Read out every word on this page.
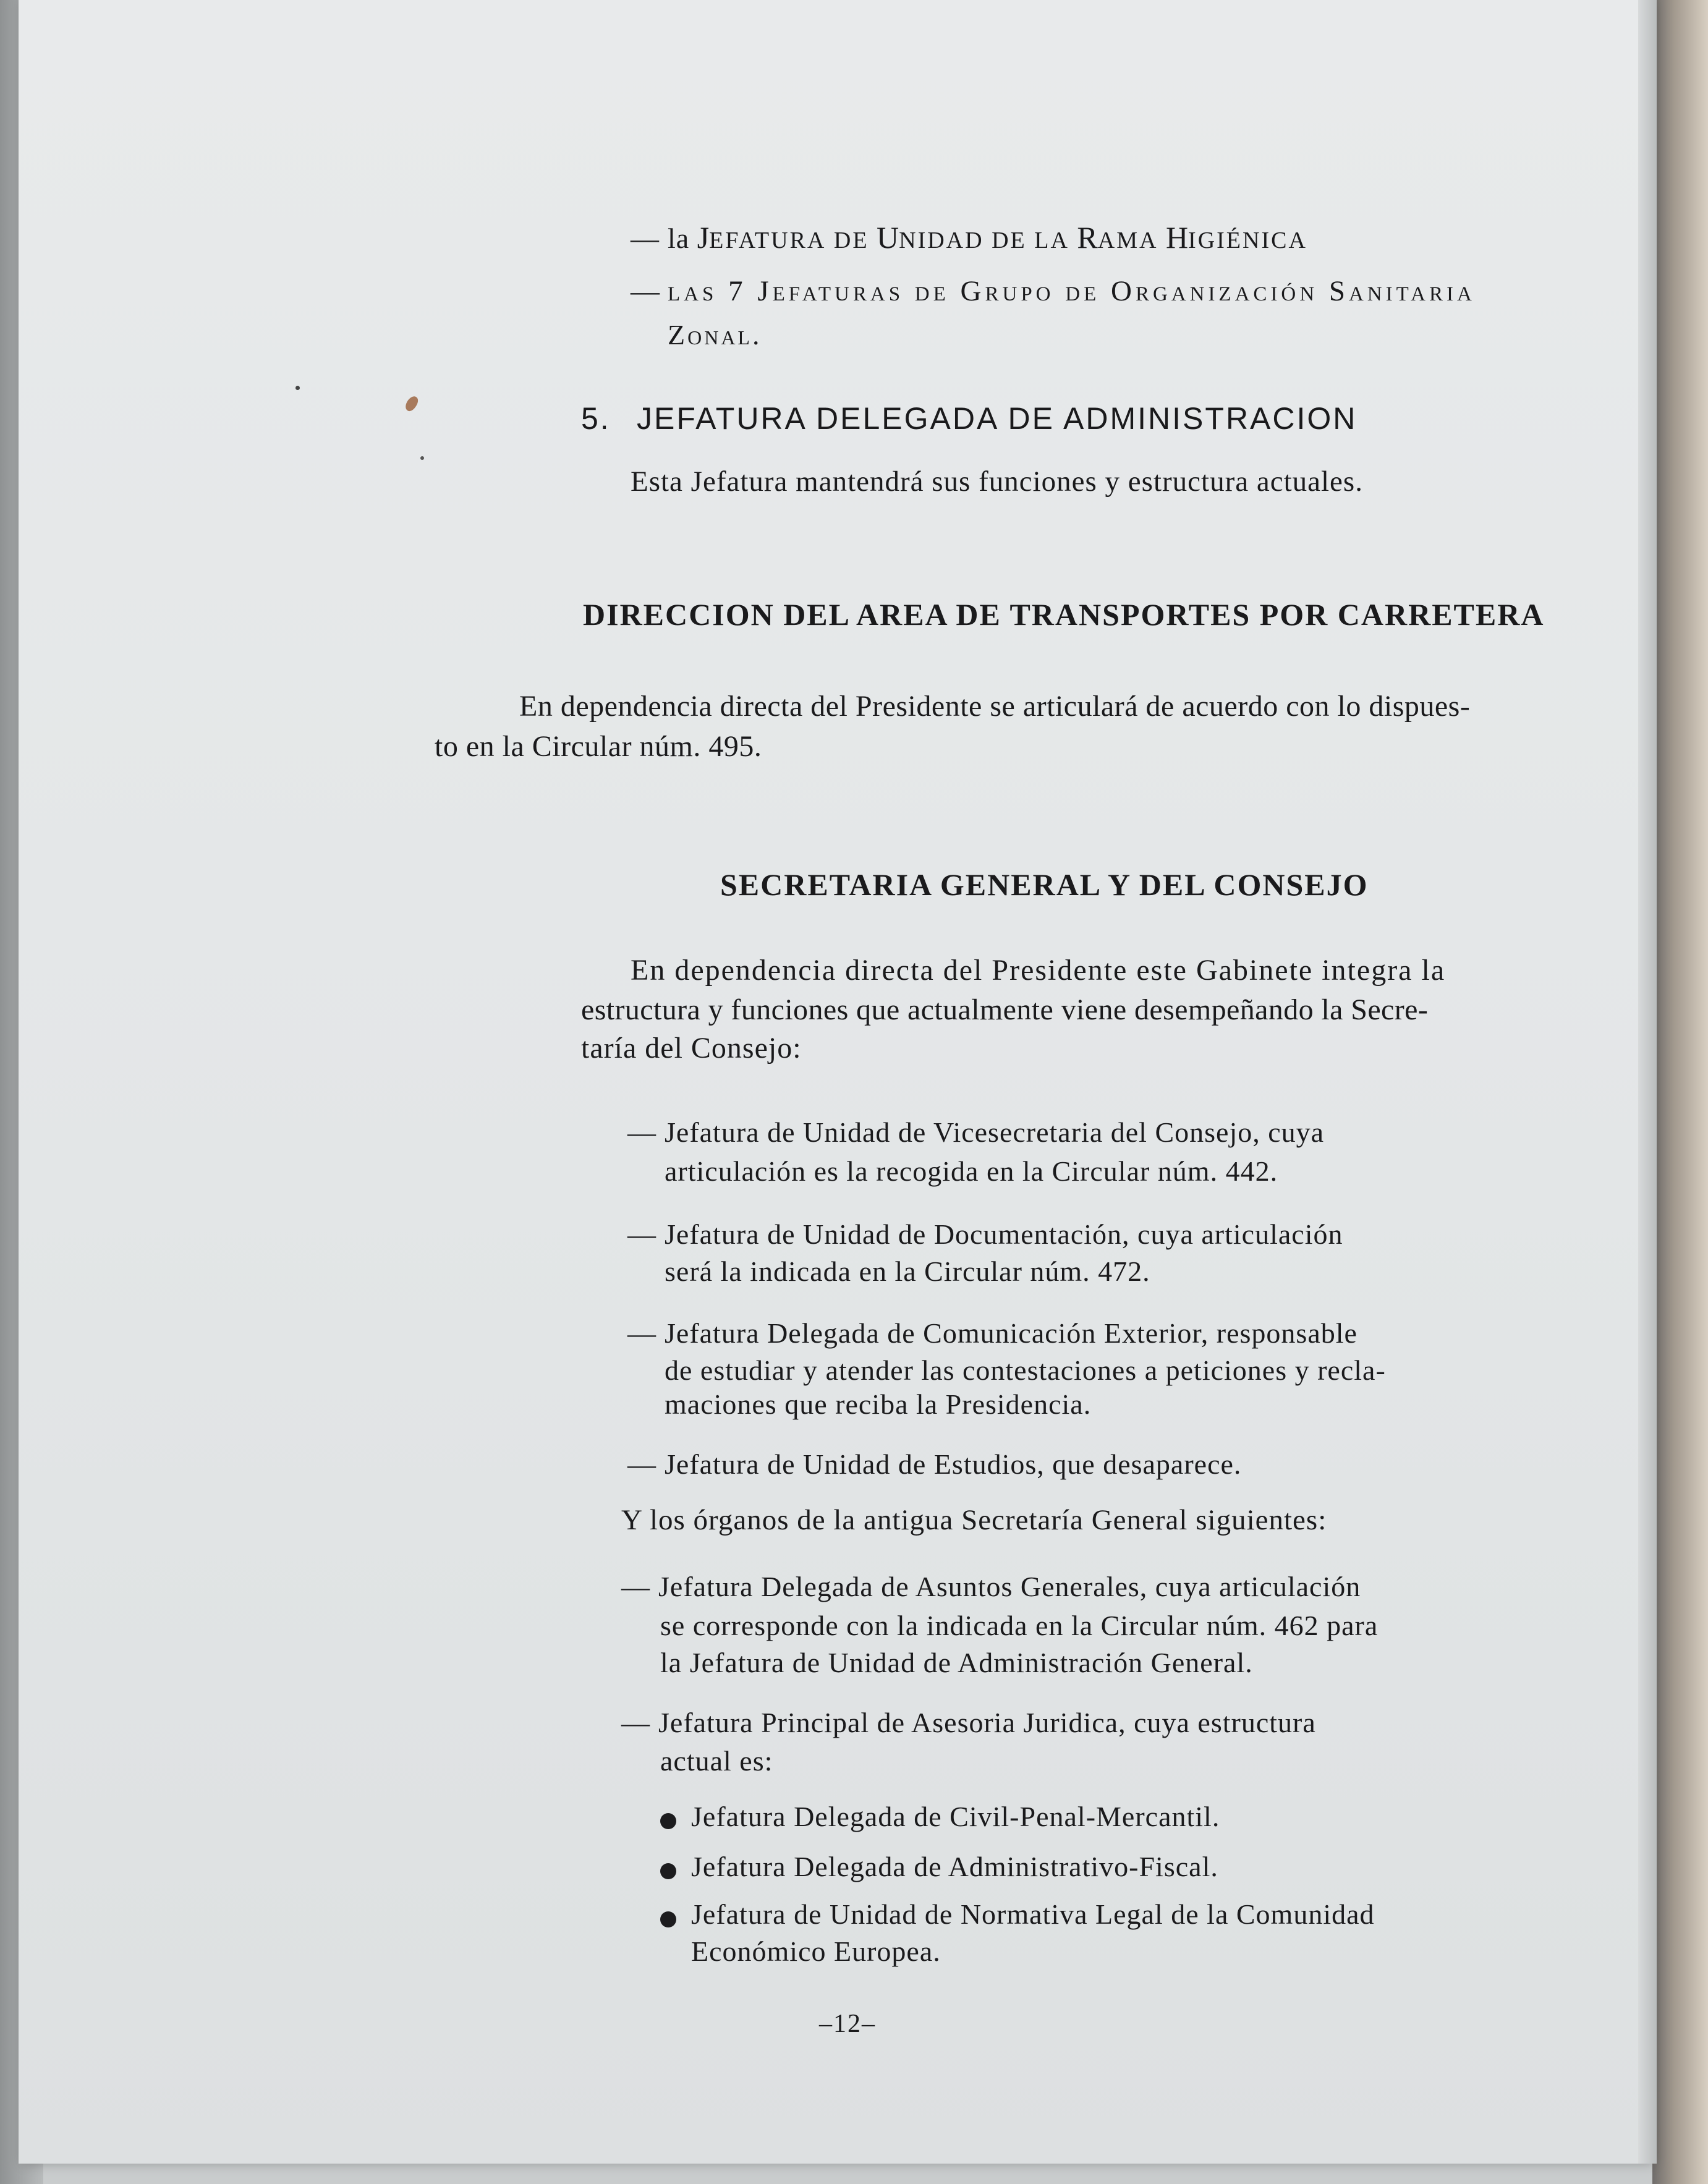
— la JEFATURA DE UNIDAD DE LA RAMA HIGIÉNICA
— las 7 Jefaturas de Grupo de Organización Sanitaria
Zonal.
5. JEFATURA DELEGADA DE ADMINISTRACION
Esta Jefatura mantendrá sus funciones y estructura actuales.
DIRECCION DEL AREA DE TRANSPORTES POR CARRETERA
En dependencia directa del Presidente se articulará de acuerdo con lo dispues-
to en la Circular núm. 495.
SECRETARIA GENERAL Y DEL CONSEJO
En dependencia directa del Presidente este Gabinete integra la
estructura y funciones que actualmente viene desempeñando la Secre-
taría del Consejo:
— Jefatura de Unidad de Vicesecretaria del Consejo, cuya
articulación es la recogida en la Circular núm. 442.
— Jefatura de Unidad de Documentación, cuya articulación
será la indicada en la Circular núm. 472.
— Jefatura Delegada de Comunicación Exterior, responsable
de estudiar y atender las contestaciones a peticiones y recla-
maciones que reciba la Presidencia.
— Jefatura de Unidad de Estudios, que desaparece.
Y los órganos de la antigua Secretaría General siguientes:
— Jefatura Delegada de Asuntos Generales, cuya articulación
se corresponde con la indicada en la Circular núm. 462 para
la Jefatura de Unidad de Administración General.
— Jefatura Principal de Asesoria Juridica, cuya estructura
actual es:
Jefatura Delegada de Civil-Penal-Mercantil.
Jefatura Delegada de Administrativo-Fiscal.
Jefatura de Unidad de Normativa Legal de la Comunidad
Económico Europea.
–12–
